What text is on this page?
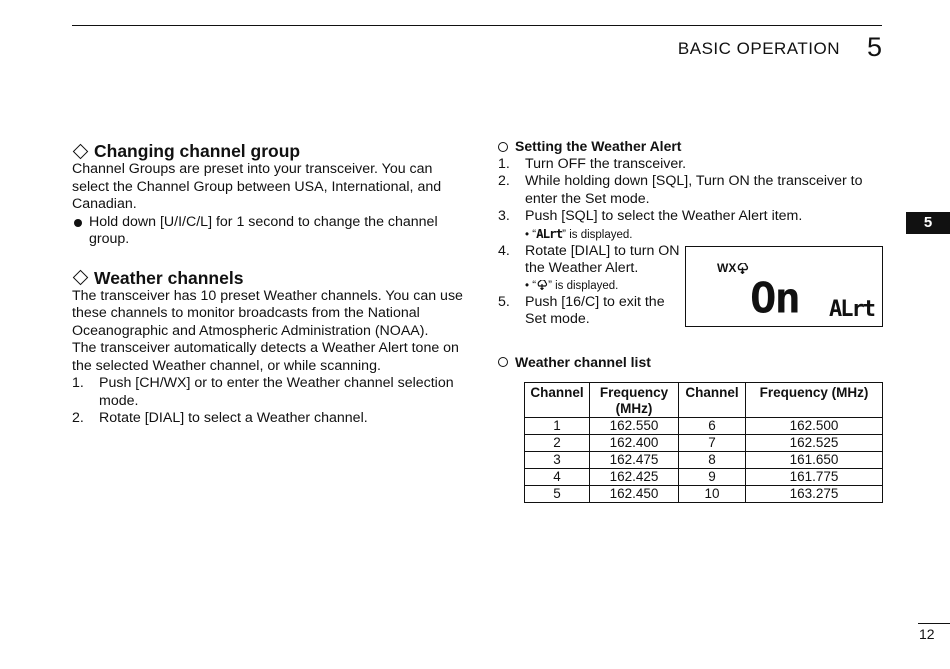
BASIC OPERATION 5
5
12
Changing channel group

Channel Groups are preset into your transceiver. You can select the Channel Group between USA, International, and Canadian.

Hold down [U/I/C/L] for 1 second to change the channel group.
Weather channels

The transceiver has 10 preset Weather channels. You can use these channels to monitor broadcasts from the National Oceanographic and Atmospheric Administration (NOAA).

The transceiver automatically detects a Weather Alert tone on the selected Weather channel, or while scanning.

1.	Push [CH/WX] or to enter the Weather channel selection mode.
2.	Rotate [DIAL] to select a Weather channel.
Setting the Weather Alert
1.	Turn OFF the transceiver.
2.	While holding down [SQL], Turn ON the transceiver to enter the Set mode.
3.	Push [SQL] to select the Weather Alert item.
• “ALrt” is displayed.
4.	Rotate [DIAL] to turn ON the Weather Alert.
• “ ” is displayed.
5.	Push [16/C] to exit the Set mode.
WX
On ALrt
Weather channel list
Channel	Frequency (MHz)	Channel	Frequency (MHz)
1	162.550	6	162.500
2	162.400	7	162.525
3	162.475	8	161.650
4	162.425	9	161.775
5	162.450	10	163.275
